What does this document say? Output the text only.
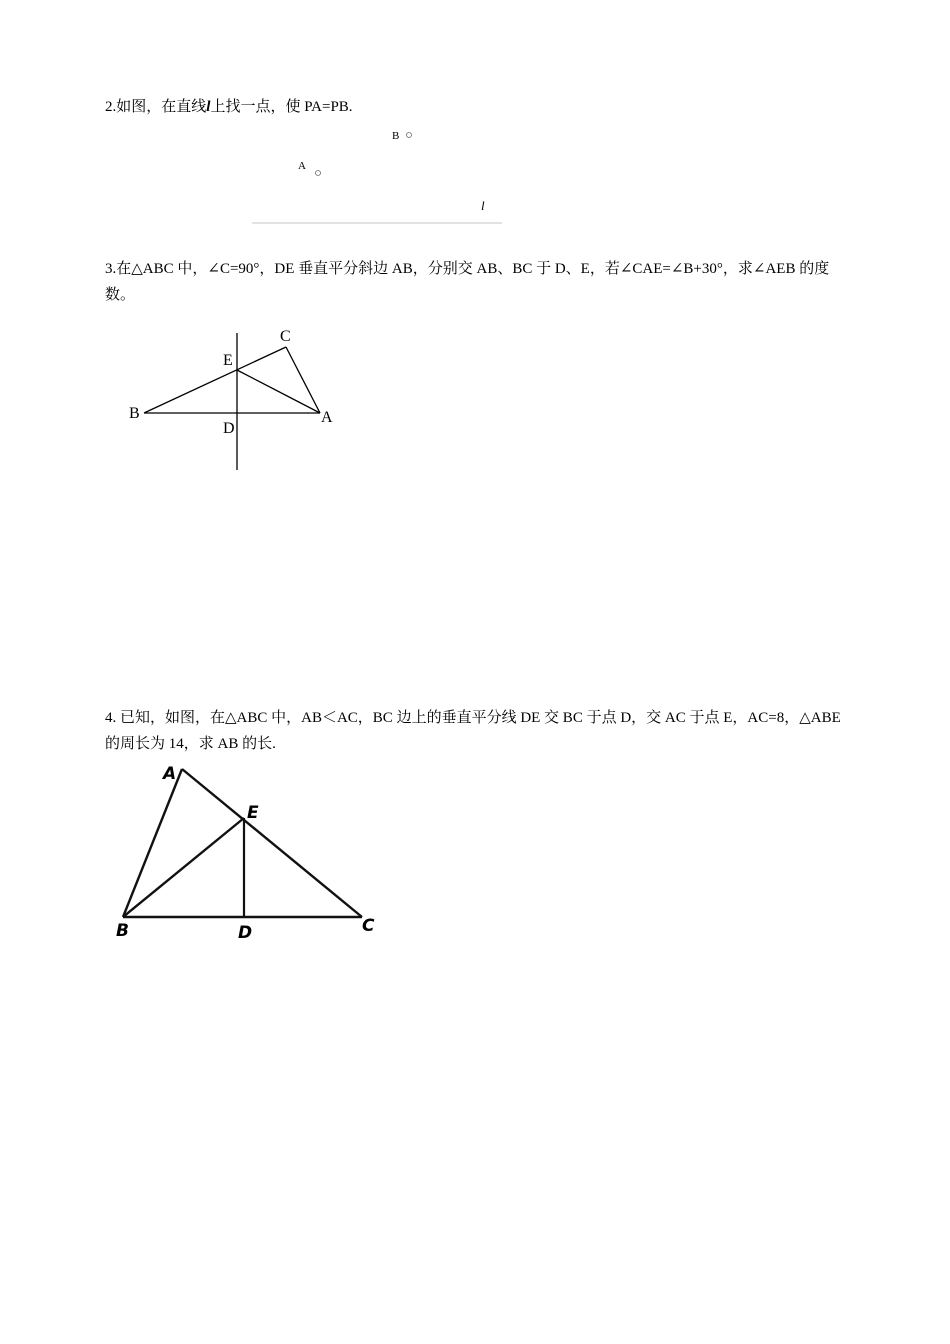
2.如图，在直线l上找一点，使 PA=PB.

B
A
l

3.在△ABC 中，∠C=90°，DE 垂直平分斜边 AB，分别交 AB、BC 于 D、E，若∠CAE=∠B+30°，求∠AEB 的度数。

C
E
B	A
D

4. 已知，如图，在△ABC 中，AB＜AC，BC 边上的垂直平分线 DE 交 BC 于点 D，交 AC 于点 E，AC=8，△ABE 的周长为 14，求 AB 的长.

A
E
B	D	C
